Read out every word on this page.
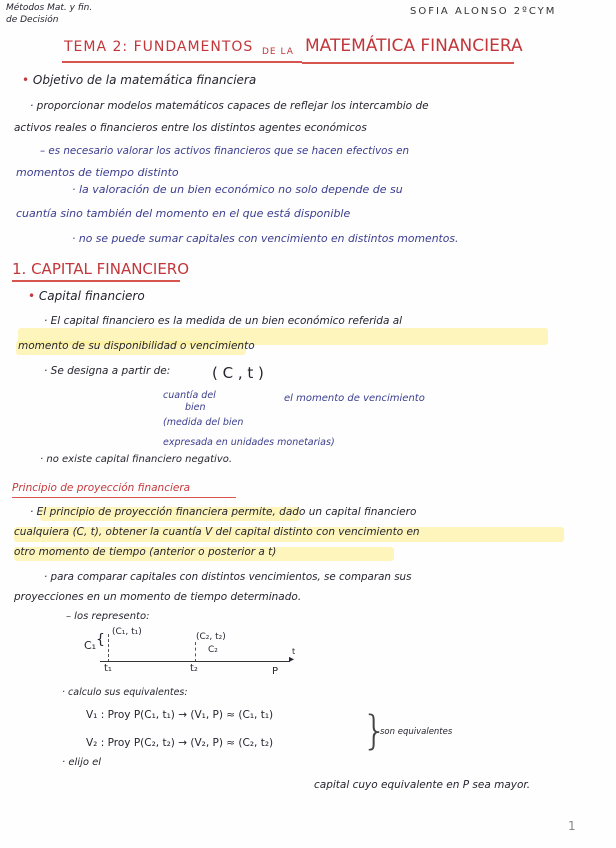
Métodos Mat. y fin.
de Decisión
SOFIA ALONSO 2ºCYM
TEMA 2: FUNDAMENTOS DE LA MATEMÁTICA FINANCIERA
• Objetivo de la matemática financiera
· proporcionar modelos matemáticos capaces de reflejar los intercambio de
activos reales o financieros entre los distintos agentes económicos
– es necesario valorar los activos financieros que se hacen efectivos en
momentos de tiempo distinto
· la valoración de un bien económico no solo depende de su
cuantía sino también del momento en el que está disponible
· no se puede sumar capitales con vencimiento en distintos momentos.
1. CAPITAL FINANCIERO
• Capital financiero
· El capital financiero es la medida de un bien económico referida al
momento de su disponibilidad o vencimiento
· Se designa a partir de:	( C , t )
cuantía del
bien
(medida del bien
expresada en unidades monetarias)
el momento de vencimiento
· no existe capital financiero negativo.
Principio de proyección financiera
· El principio de proyección financiera permite, dado un capital financiero
cualquiera (C, t), obtener la cuantía V del capital distinto con vencimiento en
otro momento de tiempo (anterior o posterior a t)
· para comparar capitales con distintos vencimientos, se comparan sus
proyecciones en un momento de tiempo determinado.
– los represento:
C₁ { (C₁, t₁)	(C₂, t₂)
C₂
▸
t₁	t₂	P
t
· calculo sus equivalentes:
V₁ : Proy P(C₁, t₁) → (V₁, P) ≈ (C₁, t₁)
V₂ : Proy P(C₂, t₂) → (V₂, P) ≈ (C₂, t₂) }
son equivalentes
· elijo el
capital cuyo equivalente en P sea mayor.
1
